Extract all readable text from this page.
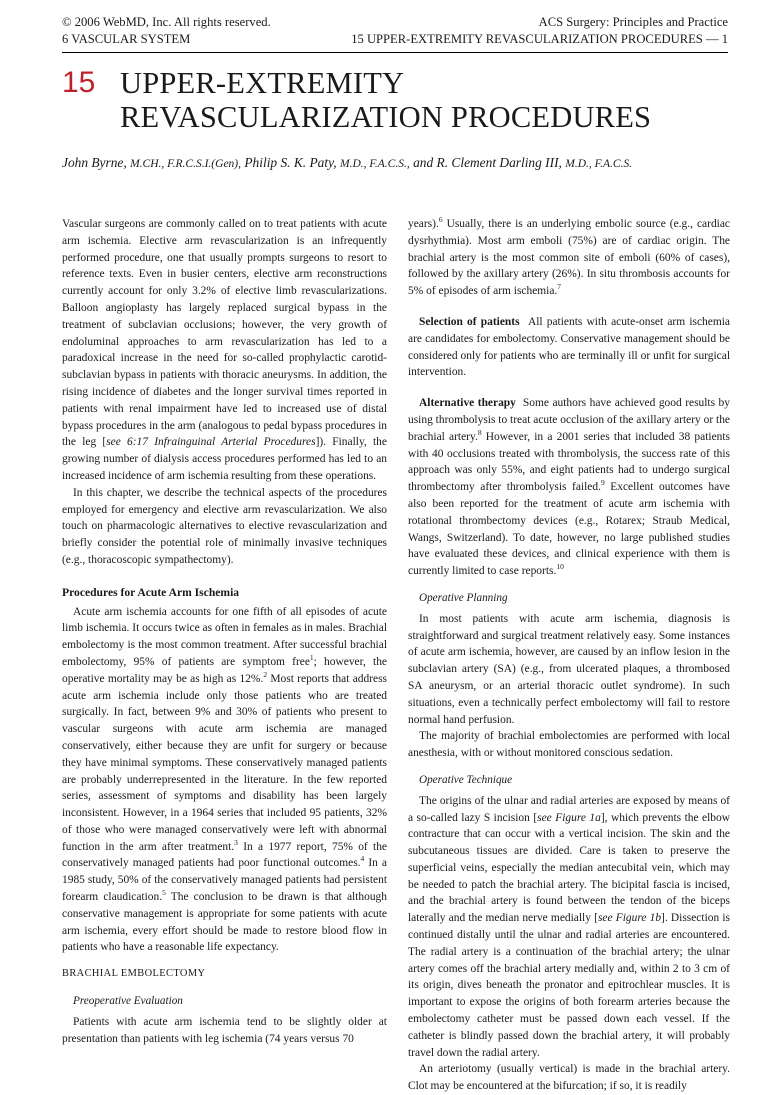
© 2006 WebMD, Inc. All rights reserved.
6 VASCULAR SYSTEM
ACS Surgery: Principles and Practice
15 UPPER-EXTREMITY REVASCULARIZATION PROCEDURES — 1
15 UPPER-EXTREMITY
REVASCULARIZATION PROCEDURES
John Byrne, M.CH., F.R.C.S.I.(Gen), Philip S. K. Paty, M.D., F.A.C.S., and R. Clement Darling III, M.D., F.A.C.S.

Vascular surgeons are commonly called on to treat patients with acute arm ischemia. Elective arm revascularization is an infrequently performed procedure, one that usually prompts surgeons to resort to reference texts. Even in busier centers, elective arm reconstructions currently account for only 3.2% of elective limb revascularizations. Balloon angioplasty has largely replaced surgical bypass in the treatment of subclavian occlusions; however, the very growth of endoluminal approaches to arm revascularization has led to a paradoxical increase in the need for so-called prophylactic carotid-subclavian bypass in patients with thoracic aneurysms. In addition, the rising incidence of diabetes and the longer survival times reported in patients with renal impairment have led to increased use of distal bypass procedures in the arm (analogous to pedal bypass procedures in the leg [see 6:17 Infrainguinal Arterial Procedures]). Finally, the growing number of dialysis access procedures performed has led to an increased incidence of arm ischemia resulting from these operations.

In this chapter, we describe the technical aspects of the procedures employed for emergency and elective arm revascularization. We also touch on pharmacologic alternatives to elective revascularization and briefly consider the potential role of minimally invasive techniques (e.g., thoracoscopic sympathectomy).

Procedures for Acute Arm Ischemia

Acute arm ischemia accounts for one fifth of all episodes of acute limb ischemia. It occurs twice as often in females as in males. Brachial embolectomy is the most common treatment. After successful brachial embolectomy, 95% of patients are symptom free$^1$; however, the operative mortality may be as high as 12%.$^2$ Most reports that address acute arm ischemia include only those patients who are treated surgically. In fact, between 9% and 30% of patients who present to vascular surgeons with acute arm ischemia are managed conservatively, either because they are unfit for surgery or because they have minimal symptoms. These conservatively managed patients are probably underrepresented in the literature. In the few reported series, assessment of symptoms and disability has been largely inconsistent. However, in a 1964 series that included 95 patients, 32% of those who were managed conservatively were left with abnormal function in the arm after treatment.$^3$ In a 1977 report, 75% of the conservatively managed patients had poor functional outcomes.$^4$ In a 1985 study, 50% of the conservatively managed patients had persistent forearm claudication.$^5$ The conclusion to be drawn is that although conservative management is appropriate for some patients with acute arm ischemia, every effort should be made to restore blood flow in patients who have a reasonable life expectancy.

BRACHIAL EMBOLECTOMY
Preoperative Evaluation

Patients with acute arm ischemia tend to be slightly older at presentation than patients with leg ischemia (74 years versus 70

years).$^6$ Usually, there is an underlying embolic source (e.g., cardiac dysrhythmia). Most arm emboli (75%) are of cardiac origin. The brachial artery is the most common site of emboli (60% of cases), followed by the axillary artery (26%). In situ thrombosis accounts for 5% of episodes of arm ischemia.$^7$

Selection of patients All patients with acute-onset arm ischemia are candidates for embolectomy. Conservative management should be considered only for patients who are terminally ill or unfit for surgical intervention.

Alternative therapy Some authors have achieved good results by using thrombolysis to treat acute occlusion of the axillary artery or the brachial artery.$^8$ However, in a 2001 series that included 38 patients with 40 occlusions treated with thrombolysis, the success rate of this approach was only 55%, and eight patients had to undergo surgical thrombectomy after thrombolysis failed.$^9$ Excellent outcomes have also been reported for the treatment of acute arm ischemia with rotational thrombectomy devices (e.g., Rotarex; Straub Medical, Wangs, Switzerland). To date, however, no large published studies have evaluated these devices, and clinical experience with them is currently limited to case reports.$^{10}$

Operative Planning

In most patients with acute arm ischemia, diagnosis is straightforward and surgical treatment relatively easy. Some instances of acute arm ischemia, however, are caused by an inflow lesion in the subclavian artery (SA) (e.g., from ulcerated plaques, a thrombosed SA aneurysm, or an arterial thoracic outlet syndrome). In such situations, even a technically perfect embolectomy will fail to restore normal hand perfusion.

The majority of brachial embolectomies are performed with local anesthesia, with or without monitored conscious sedation.

Operative Technique

The origins of the ulnar and radial arteries are exposed by means of a so-called lazy S incision [see Figure 1a], which prevents the elbow contracture that can occur with a vertical incision. The skin and the subcutaneous tissues are divided. Care is taken to preserve the superficial veins, especially the median antecubital vein, which may be needed to patch the brachial artery. The bicipital fascia is incised, and the brachial artery is found between the tendon of the biceps laterally and the median nerve medially [see Figure 1b]. Dissection is continued distally until the ulnar and radial arteries are encountered. The radial artery is a continuation of the brachial artery; the ulnar artery comes off the brachial artery medially and, within 2 to 3 cm of its origin, dives beneath the pronator and epitrochlear muscles. It is important to expose the origins of both forearm arteries because the embolectomy catheter must be passed down each vessel. If the catheter is blindly passed down the brachial artery, it will probably travel down the radial artery.

An arteriotomy (usually vertical) is made in the brachial artery. Clot may be encountered at the bifurcation; if so, it is readily
